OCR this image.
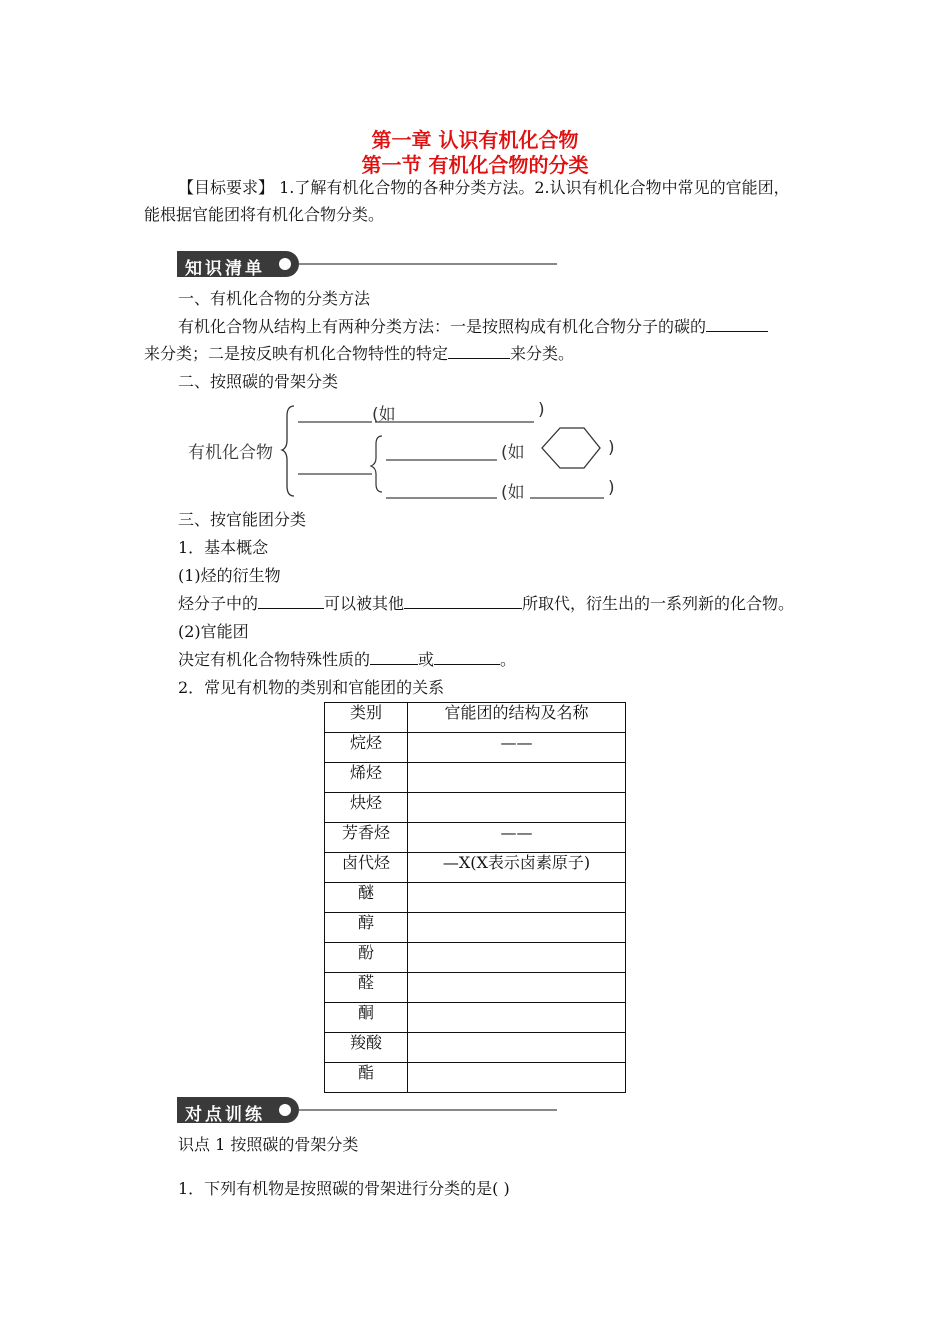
第一章 认识有机化合物
第一节 有机化合物的分类
【目标要求】 1.了解有机化合物的各种分类方法。2.认识有机化合物中常见的官能团，
能根据官能团将有机化合物分类。
知识清单
一、有机化合物的分类方法
有机化合物从结构上有两种分类方法：一是按照构成有机化合物分子的碳的
来分类；二是按反映有机化合物特性的特定	来分类。
二、按照碳的骨架分类
有机化合物
(如	)
(如	)
(如	)
三、按官能团分类
1．基本概念
(1)烃的衍生物
烃分子中的	可以被其他	所取代，衍生出的一系列新的化合物。
(2)官能团
决定有机化合物特殊性质的	或	。
2．常见有机物的类别和官能团的关系
类别	官能团的结构及名称
烷烃	——
烯烃	
炔烃	
芳香烃	——
卤代烃	—X(X表示卤素原子)
醚	
醇	
酚	
醛	
酮	
羧酸	
酯	
对点训练
识点 1 按照碳的骨架分类
1．下列有机物是按照碳的骨架进行分类的是( )
